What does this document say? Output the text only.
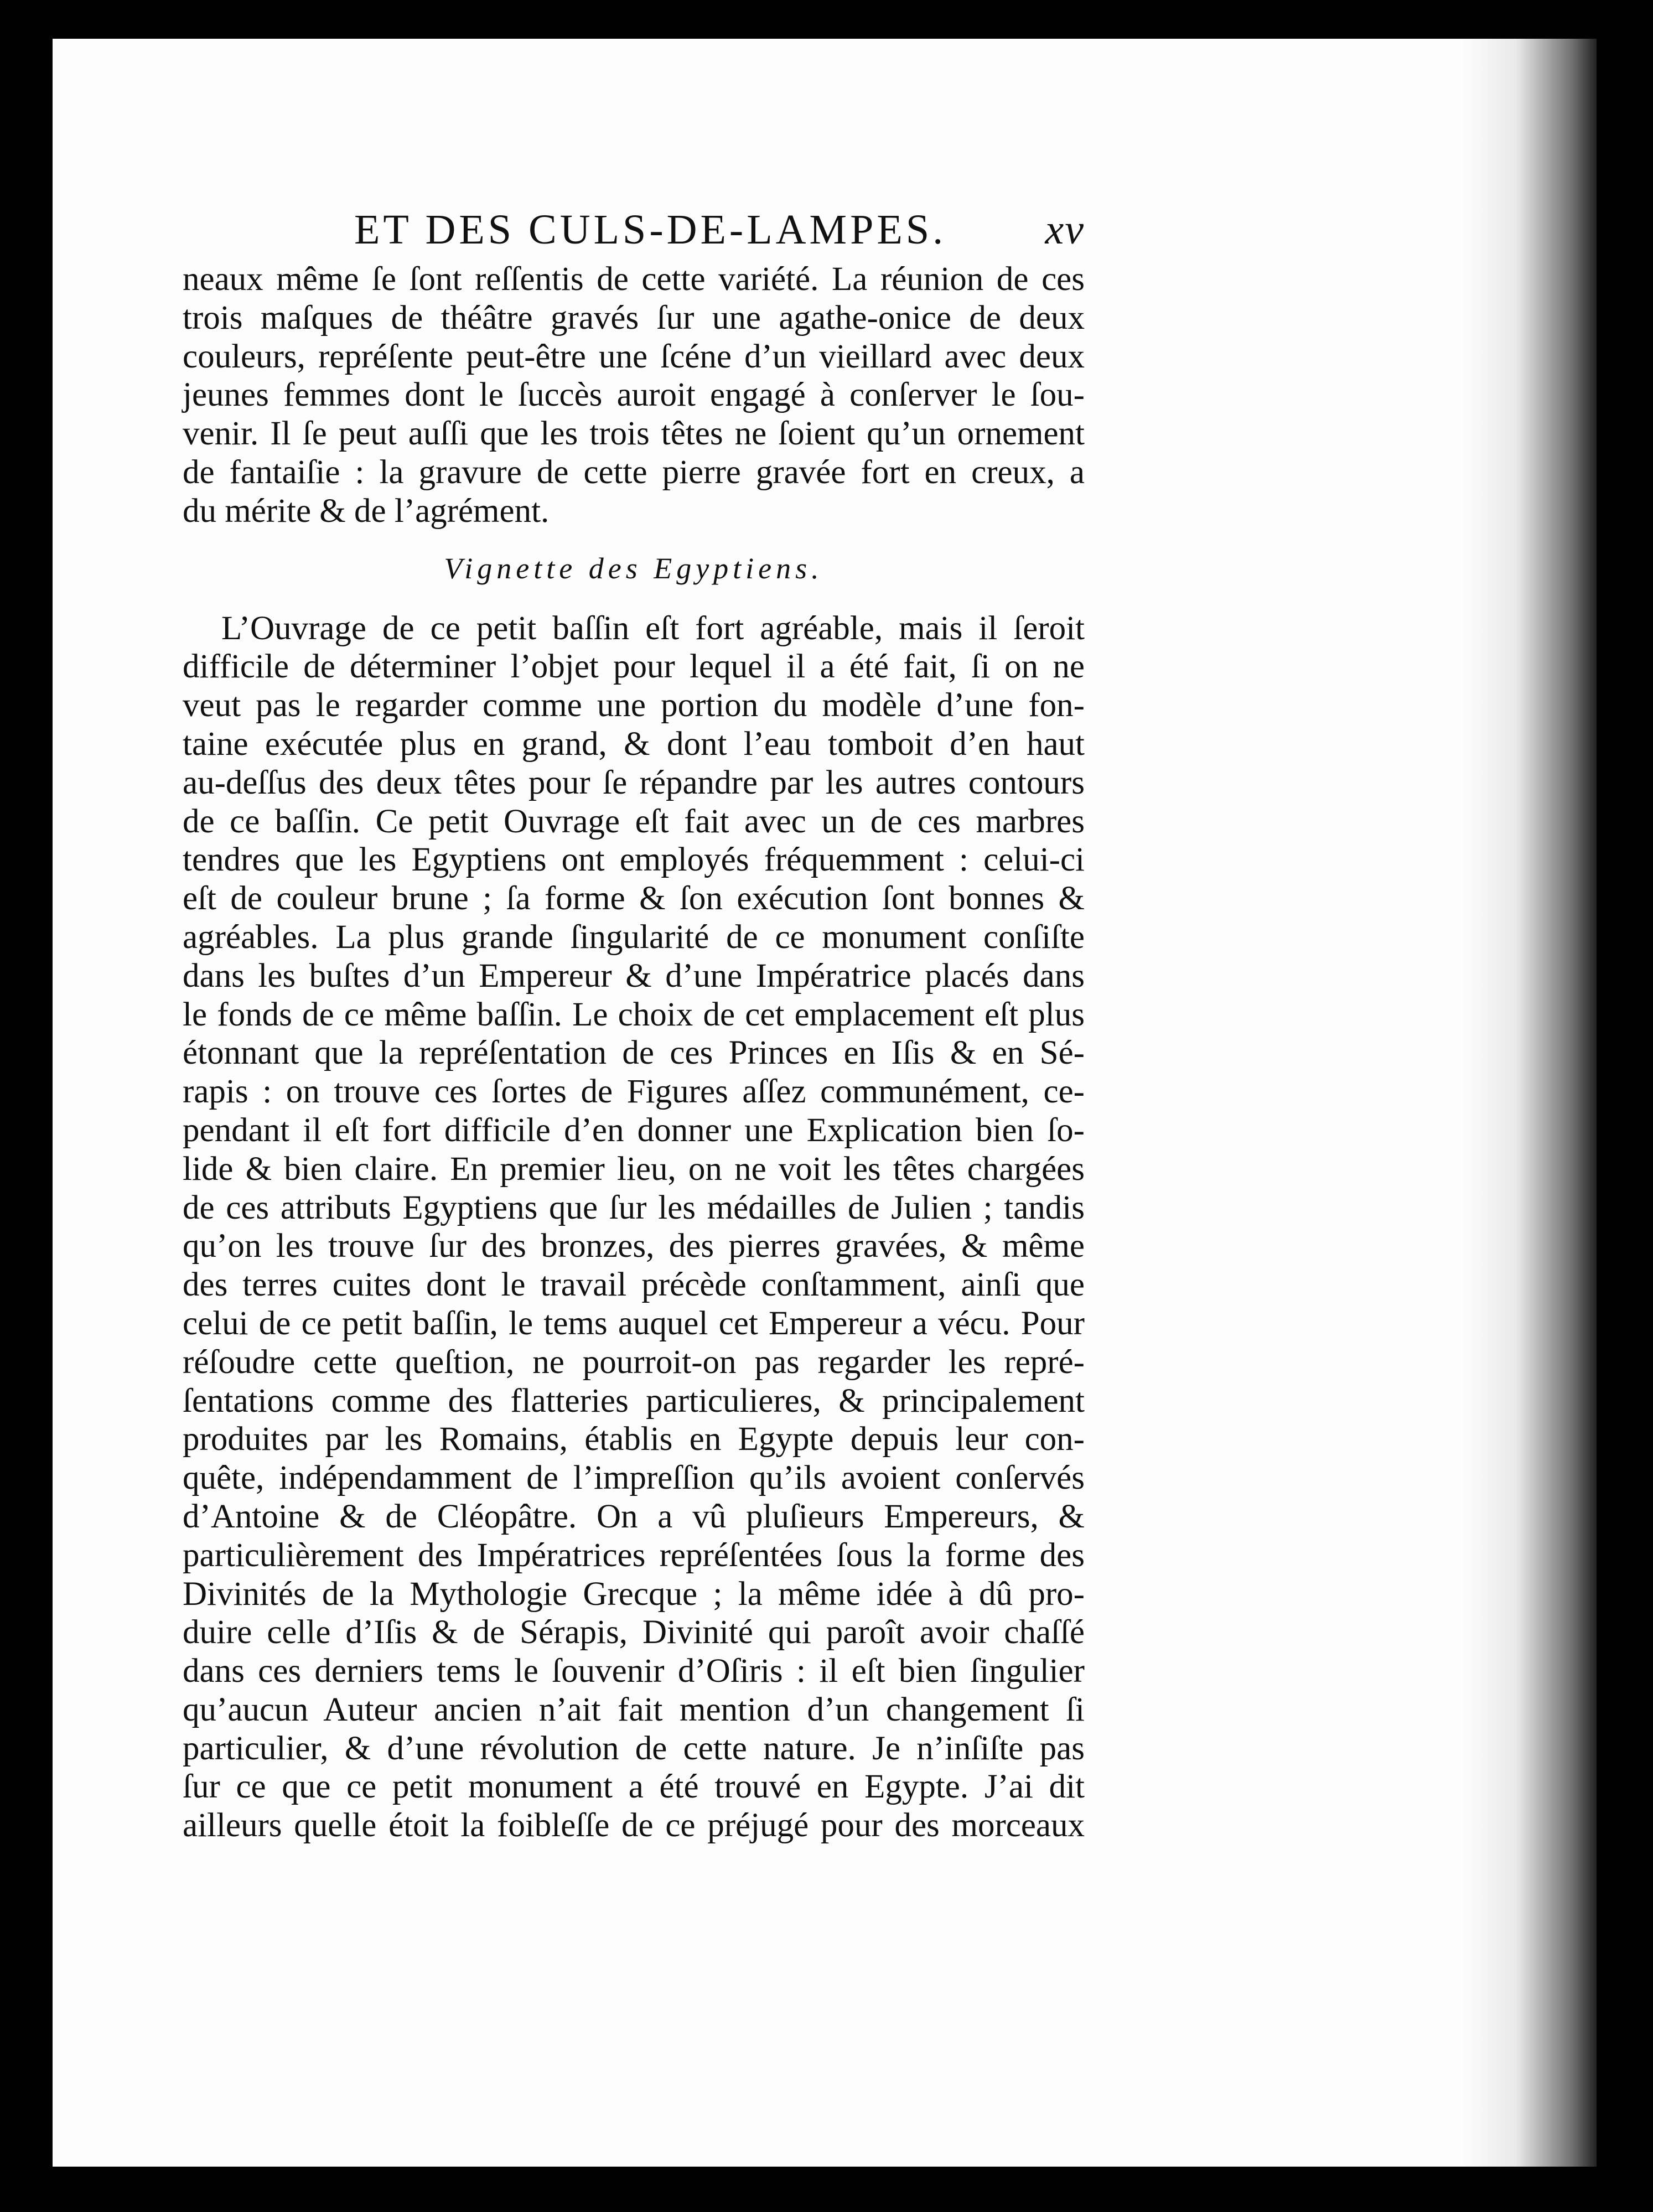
ET DES CULS-DE-LAMPES. xv
neaux même ſe ſont reſſentis de cette variété. La réunion de ces
trois maſques de théâtre gravés ſur une agathe-onice de deux
couleurs, repréſente peut-être une ſcéne d’un vieillard avec deux
jeunes femmes dont le ſuccès auroit engagé à conſerver le ſou-
venir. Il ſe peut auſſi que les trois têtes ne ſoient qu’un ornement
de fantaiſie : la gravure de cette pierre gravée fort en creux, a
du mérite & de l’agrément.
Vignette des Egyptiens.
L’Ouvrage de ce petit baſſin eſt fort agréable, mais il ſeroit
difficile de déterminer l’objet pour lequel il a été fait, ſi on ne
veut pas le regarder comme une portion du modèle d’une fon-
taine exécutée plus en grand, & dont l’eau tomboit d’en haut
au-deſſus des deux têtes pour ſe répandre par les autres contours
de ce baſſin. Ce petit Ouvrage eſt fait avec un de ces marbres
tendres que les Egyptiens ont employés fréquemment : celui-ci
eſt de couleur brune ; ſa forme & ſon exécution ſont bonnes &
agréables. La plus grande ſingularité de ce monument conſiſte
dans les buſtes d’un Empereur & d’une Impératrice placés dans
le fonds de ce même baſſin. Le choix de cet emplacement eſt plus
étonnant que la repréſentation de ces Princes en Iſis & en Sé-
rapis : on trouve ces ſortes de Figures aſſez communément, ce-
pendant il eſt fort difficile d’en donner une Explication bien ſo-
lide & bien claire. En premier lieu, on ne voit les têtes chargées
de ces attributs Egyptiens que ſur les médailles de Julien ; tandis
qu’on les trouve ſur des bronzes, des pierres gravées, & même
des terres cuites dont le travail précède conſtamment, ainſi que
celui de ce petit baſſin, le tems auquel cet Empereur a vécu. Pour
réſoudre cette queſtion, ne pourroit-on pas regarder les repré-
ſentations comme des flatteries particulieres, & principalement
produites par les Romains, établis en Egypte depuis leur con-
quête, indépendamment de l’impreſſion qu’ils avoient conſervés
d’Antoine & de Cléopâtre. On a vû pluſieurs Empereurs, &
particulièrement des Impératrices repréſentées ſous la forme des
Divinités de la Mythologie Grecque ; la même idée à dû pro-
duire celle d’Iſis & de Sérapis, Divinité qui paroît avoir chaſſé
dans ces derniers tems le ſouvenir d’Oſiris : il eſt bien ſingulier
qu’aucun Auteur ancien n’ait fait mention d’un changement ſi
particulier, & d’une révolution de cette nature. Je n’inſiſte pas
ſur ce que ce petit monument a été trouvé en Egypte. J’ai dit
ailleurs quelle étoit la foibleſſe de ce préjugé pour des morceaux
